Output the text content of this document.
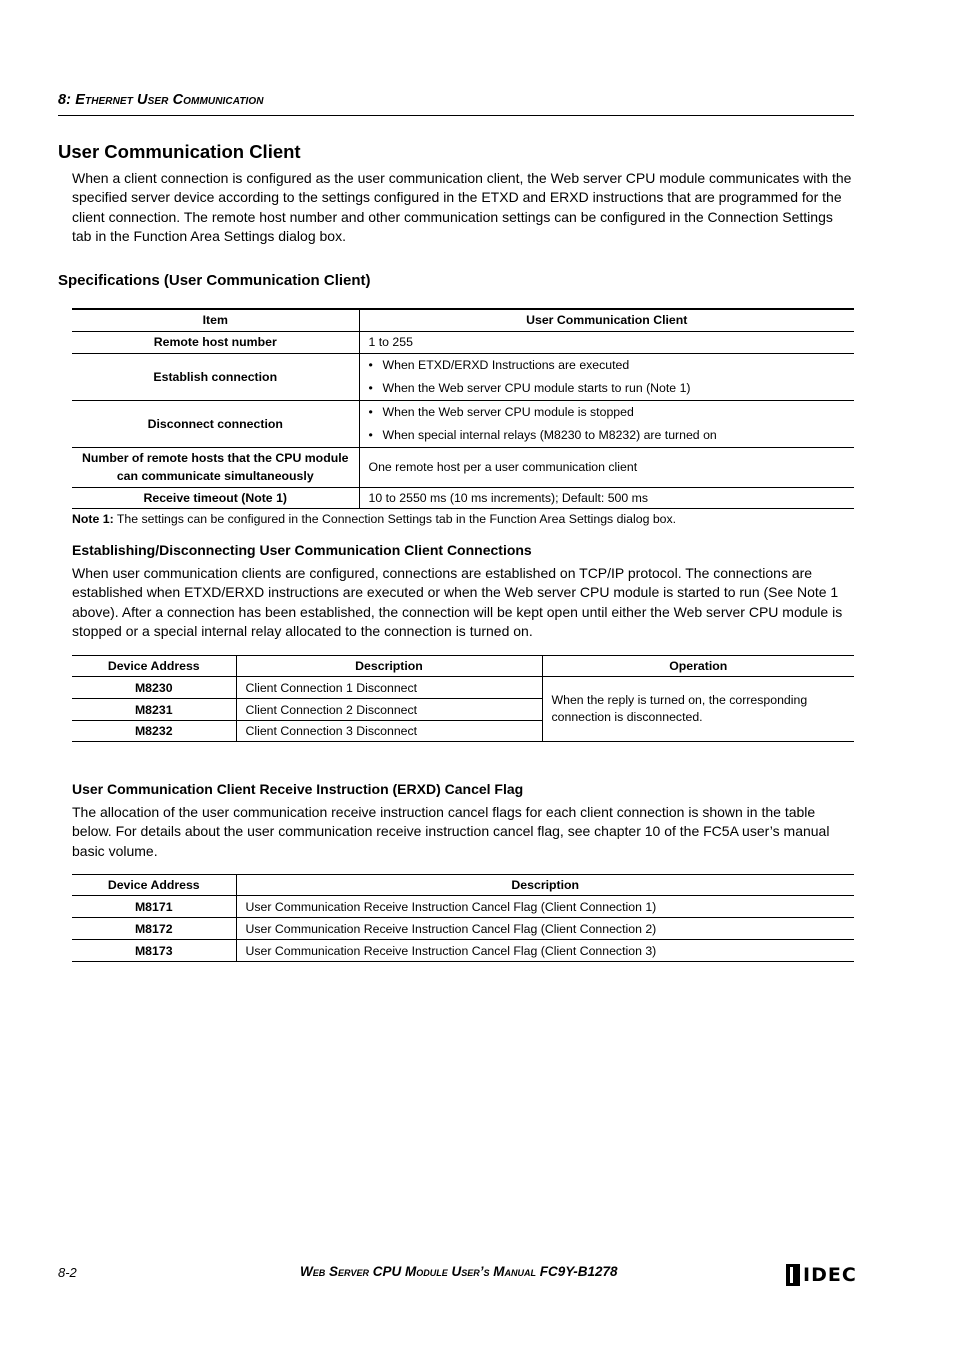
8: Ethernet User Communication
User Communication Client
When a client connection is configured as the user communication client, the Web server CPU module communicates with the specified server device according to the settings configured in the ETXD and ERXD instructions that are programmed for the client connection. The remote host number and other communication settings can be configured in the Connection Settings tab in the Function Area Settings dialog box.
Specifications (User Communication Client)
Item	User Communication Client
Remote host number	1 to 255
Establish connection	• When ETXD/ERXD Instructions are executed
• When the Web server CPU module starts to run (Note 1)

Disconnect connection	• When the Web server CPU module is stopped
• When special internal relays (M8230 to M8232) are turned on

Number of remote hosts that the CPU module can communicate simultaneously	One remote host per a user communication client
Receive timeout (Note 1)	10 to 2550 ms (10 ms increments); Default: 500 ms
Note 1: The settings can be configured in the Connection Settings tab in the Function Area Settings dialog box.
Establishing/Disconnecting User Communication Client Connections
When user communication clients are configured, connections are established on TCP/IP protocol. The connections are established when ETXD/ERXD instructions are executed or when the Web server CPU module is started to run (See Note 1 above). After a connection has been established, the connection will be kept open until either the Web server CPU module is stopped or a special internal relay allocated to the connection is turned on.
Device Address	Description	Operation
M8230	Client Connection 1 Disconnect	When the reply is turned on, the corresponding connection is disconnected.
M8231	Client Connection 2 Disconnect	
M8232	Client Connection 3 Disconnect	
User Communication Client Receive Instruction (ERXD) Cancel Flag
The allocation of the user communication receive instruction cancel flags for each client connection is shown in the table below. For details about the user communication receive instruction cancel flag, see chapter 10 of the FC5A user’s manual basic volume.
Device Address	Description
M8171	User Communication Receive Instruction Cancel Flag (Client Connection 1)
M8172	User Communication Receive Instruction Cancel Flag (Client Connection 2)
M8173	User Communication Receive Instruction Cancel Flag (Client Connection 3)
8-2	Web Server CPU Module User’s Manual FC9Y-B1278	IDEC
